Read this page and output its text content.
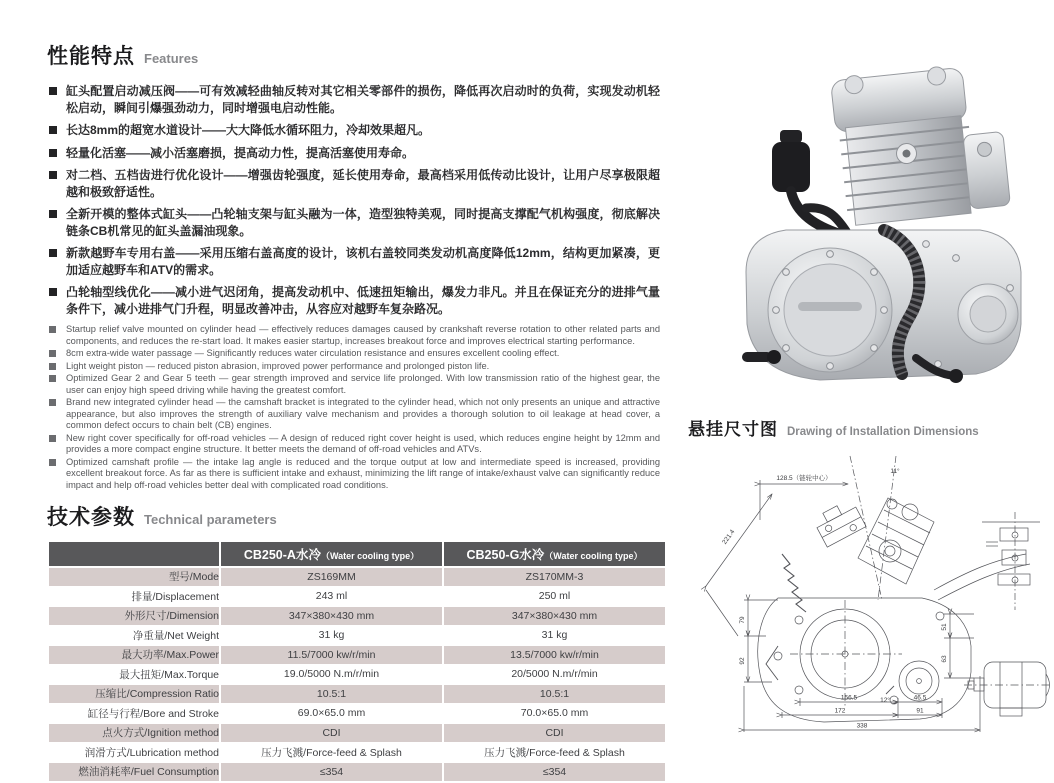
性能特点 Features
缸头配置启动减压阀——可有效减轻曲轴反转对其它相关零部件的损伤，降低再次启动时的负荷，实现发动机轻松启动，瞬间引爆强劲动力，同时增强电启动性能。
长达8mm的超宽水道设计——大大降低水循环阻力，冷却效果超凡。
轻量化活塞——减小活塞磨损，提高动力性，提高活塞使用寿命。
对二档、五档齿进行优化设计——增强齿轮强度，延长使用寿命，最高档采用低传动比设计，让用户尽享极限超越和极致舒适性。
全新开模的整体式缸头——凸轮轴支架与缸头融为一体，造型独特美观，同时提高支撑配气机构强度，彻底解决链条CB机常见的缸头盖漏油现象。
新款越野车专用右盖——采用压缩右盖高度的设计，该机右盖较同类发动机高度降低12mm，结构更加紧凑，更加适应越野车和ATV的需求。
凸轮轴型线优化——减小进气迟闭角，提高发动机中、低速扭矩输出，爆发力非凡。并且在保证充分的进排气量条件下，减小进排气门升程，明显改善冲击，从容应对越野车复杂路况。
Startup relief valve mounted on cylinder head — effectively reduces damages caused by crankshaft reverse rotation to other related parts and components, and reduces the re-start load. It makes easier startup, increases breakout force and improves electrical starting performance.
8cm extra-wide water passage — Significantly reduces water circulation resistance and ensures excellent cooling effect.
Light weight piston — reduced piston abrasion, improved power performance and prolonged piston life.
Optimized Gear 2 and Gear 5 teeth — gear strength improved and service life prolonged. With low transmission ratio of the highest gear, the user can enjoy high speed driving while having the greatest comfort.
Brand new integrated cylinder head — the camshaft bracket is integrated to the cylinder head, which not only presents an unique and attractive appearance, but also improves the strength of auxiliary valve mechanism and provides a thorough solution to oil leakage at head cover, a common defect occurs to chain belt (CB) engines.
New right cover specifically for off-road vehicles — A design of reduced right cover height is used, which reduces engine height by 12mm and provides a more compact engine structure. It better meets the demand of off-road vehicles and ATVs.
Optimized camshaft profile — the intake lag angle is reduced and the torque output at low and intermediate speed is increased, providing excellent breakout force. As far as there is sufficient intake and exhaust, minimizing the lift range of intake/exhaust valve can significantly reduce impact and help off-road vehicles better deal with complicated road conditions.
技术参数 Technical parameters
	CB250-A水冷（Water cooling type）	CB250-G水冷（Water cooling type）
型号/Mode	ZS169MM	ZS170MM-3
排量/Displacement	243 ml	250 ml
外形尺寸/Dimension	347×380×430 mm	347×380×430 mm
净重量/Net Weight	31 kg	31 kg
最大功率/Max.Power	11.5/7000 kw/r/min	13.5/7000 kw/r/min
最大扭矩/Max.Torque	19.0/5000 N.m/r/min	20/5000 N.m/r/min
压缩比/Compression Ratio	10.5:1	10.5:1
缸径与行程/Bore and Stroke	69.0×65.0 mm	70.0×65.0 mm
点火方式/Ignition method	CDI	CDI
润滑方式/Lubrication method	压力飞溅/Force-feed & Splash	压力飞溅/Force-feed & Splash
燃油消耗率/Fuel Consumption	≤354	≤354
悬挂尺寸图 Drawing of Installation Dimensions
128.5（链轮中心）
11°
221.4
79
92
51
63
156.5	46.5
12°
172	91
338
